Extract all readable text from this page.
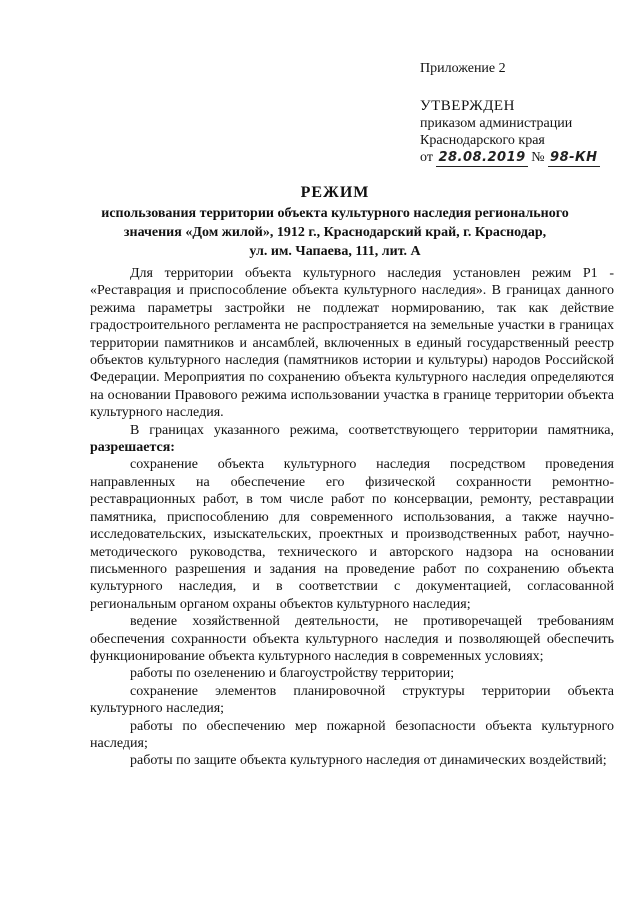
Приложение 2
УТВЕРЖДЕН
приказом администрации
Краснодарского края
от 28.08.2019 № 98-КН
РЕЖИМ
использования территории объекта культурного наследия регионального
значения «Дом жилой», 1912 г., Краснодарский край, г. Краснодар,
ул. им. Чапаева, 111, лит. А

Для территории объекта культурного наследия установлен режим Р1 - «Реставрация и приспособление объекта культурного наследия». В границах данного режима параметры застройки не подлежат нормированию, так как действие градостроительного регламента не распространяется на земельные участки в границах территории памятников и ансамблей, включенных в единый государственный реестр объектов культурного наследия (памятников истории и культуры) народов Российской Федерации. Мероприятия по сохранению объекта культурного наследия определяются на основании Правового режима использовании участка в границе территории объекта культурного наследия.

В границах указанного режима, соответствующего территории памятника, разрешается:

сохранение объекта культурного наследия посредством проведения направленных на обеспечение его физической сохранности ремонтно-реставрационных работ, в том числе работ по консервации, ремонту, реставрации памятника, приспособлению для современного использования, а также научно-исследовательских, изыскательских, проектных и производственных работ, научно-методического руководства, технического и авторского надзора на основании письменного разрешения и задания на проведение работ по сохранению объекта культурного наследия, и в соответствии с документацией, согласованной региональным органом охраны объектов культурного наследия;

ведение хозяйственной деятельности, не противоречащей требованиям обеспечения сохранности объекта культурного наследия и позволяющей обеспечить функционирование объекта культурного наследия в современных условиях;

работы по озеленению и благоустройству территории;

сохранение элементов планировочной структуры территории объекта культурного наследия;

работы по обеспечению мер пожарной безопасности объекта культурного наследия;

работы по защите объекта культурного наследия от динамических воздействий;
